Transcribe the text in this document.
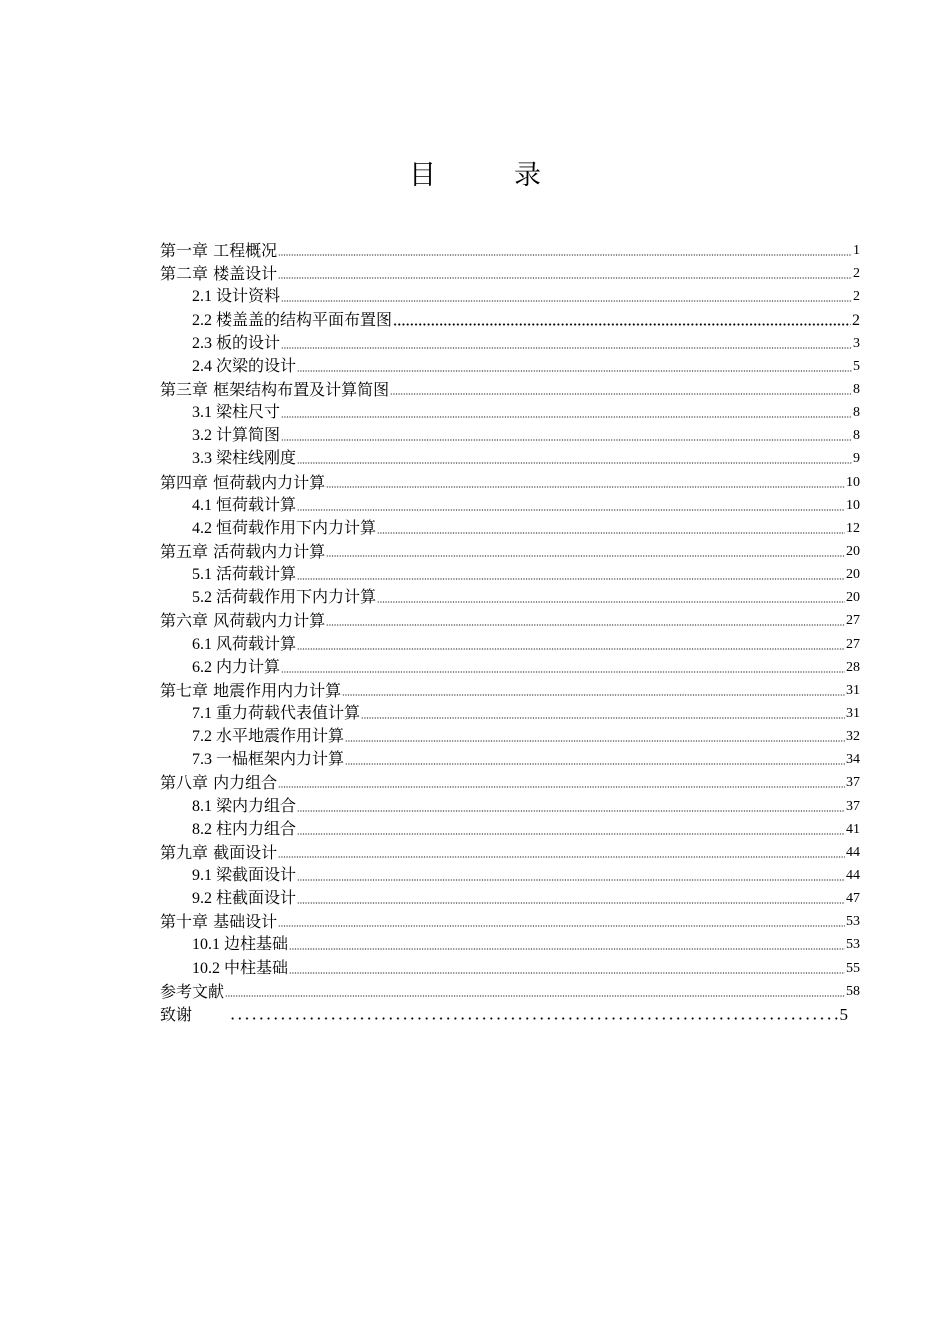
目	录
第一章 工程概况	1
第二章 楼盖设计	2
2.1 设计资料	2
2.2 楼盖盖的结构平面布置图	2
2.3 板的设计	3
2.4 次梁的设计	5
第三章 框架结构布置及计算简图	8
3.1 梁柱尺寸	8
3.2 计算简图	8
3.3 梁柱线刚度	9
第四章 恒荷载内力计算	10
4.1 恒荷载计算	10
4.2 恒荷载作用下内力计算	12
第五章 活荷载内力计算	20
5.1 活荷载计算	20
5.2 活荷载作用下内力计算	20
第六章 风荷载内力计算	27
6.1 风荷载计算	27
6.2 内力计算	28
第七章 地震作用内力计算	31
7.1 重力荷载代表值计算	31
7.2 水平地震作用计算	32
7.3 一榀框架内力计算	34
第八章 内力组合	37
8.1 梁内力组合	37
8.2 柱内力组合	41
第九章 截面设计	44
9.1 梁截面设计	44
9.2 柱截面设计	47
第十章 基础设计	53
10.1 边柱基础	53
10.2 中柱基础	55
参考文献	58
致谢	5
